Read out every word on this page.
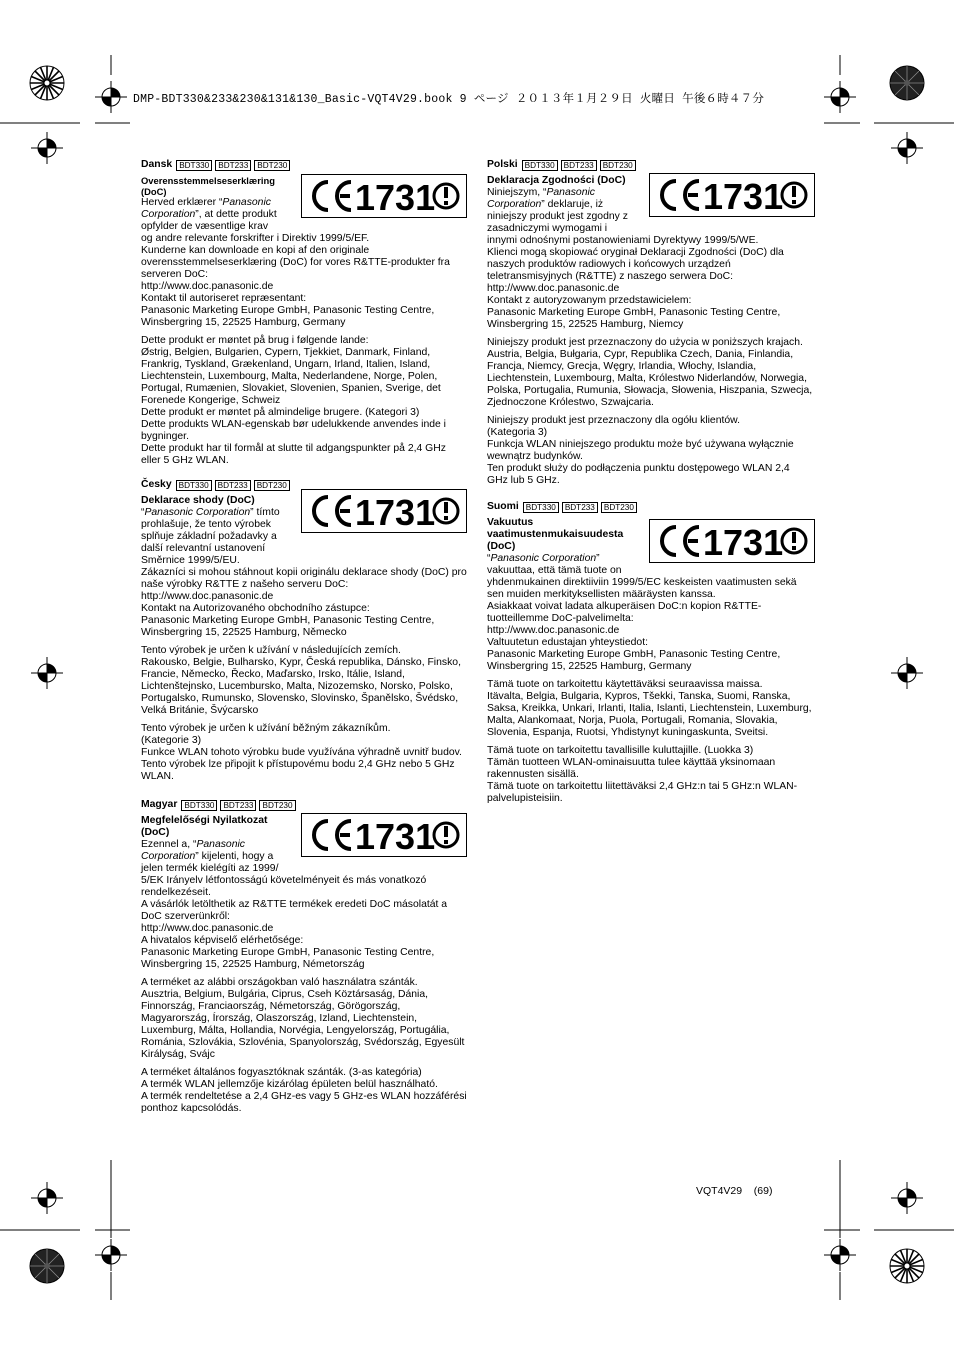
DMP-BDT330&233&230&131&130_Basic-VQT4V29.book 9 ページ ２０１３年１月２９日 火曜日 午後６時４７分
Dansk BDT330	BDT233	BDT230
1731
Overensstemmelseserklæring (DoC)

Herved erklærer “Panasonic Corporation”, at dette produkt opfylder de væsentlige krav

og andre relevante forskrifter i Direktiv 1999/5/EF.
Kunderne kan downloade en kopi af den originale overensstemmelseserklæring (DoC) for vores R&TTE-produkter fra serveren DoC:
http://www.doc.panasonic.de
Kontakt til autoriseret repræsentant:
Panasonic Marketing Europe GmbH, Panasonic Testing Centre, Winsbergring 15, 22525 Hamburg, Germany

Dette produkt er møntet på brug i følgende lande:
Østrig, Belgien, Bulgarien, Cypern, Tjekkiet, Danmark, Finland, Frankrig, Tyskland, Grækenland, Ungarn, Irland, Italien, Island, Liechtenstein, Luxembourg, Malta, Nederlandene, Norge, Polen, Portugal, Rumænien, Slovakiet, Slovenien, Spanien, Sverige, det Forenede Kongerige, Schweiz
Dette produkt er møntet på almindelige brugere. (Kategori 3)
Dette produkts WLAN-egenskab bør udelukkende anvendes inde i bygninger.
Dette produkt har til formål at slutte til adgangspunkter på 2,4 GHz eller 5 GHz WLAN.

Česky BDT330	BDT233	BDT230
1731
Deklarace shody (DoC)

“Panasonic Corporation” tímto prohlašuje, že tento výrobek splňuje základní požadavky a další relevantní ustanovení

Směrnice 1999/5/EU.
Zákazníci si mohou stáhnout kopii originálu deklarace shody (DoC) pro naše výrobky R&TTE z našeho serveru DoC:
http://www.doc.panasonic.de
Kontakt na Autorizovaného obchodního zástupce:
Panasonic Marketing Europe GmbH, Panasonic Testing Centre, Winsbergring 15, 22525 Hamburg, Německo

Tento výrobek je určen k užívání v následujících zemích.
Rakousko, Belgie, Bulharsko, Kypr, Česká republika, Dánsko, Finsko, Francie, Německo, Řecko, Maďarsko, Irsko, Itálie, Island, Lichtenštejnsko, Lucembursko, Malta, Nizozemsko, Norsko, Polsko, Portugalsko, Rumunsko, Slovensko, Slovinsko, Španělsko, Švédsko, Velká Británie, Švýcarsko

Tento výrobek je určen k užívání běžným zákazníkům.
(Kategorie 3)
Funkce WLAN tohoto výrobku bude využívána výhradně uvnitř budov.
Tento výrobek lze připojit k přístupovému bodu 2,4 GHz nebo 5 GHz WLAN.

Magyar BDT330	BDT233	BDT230
1731
Megfelelőségi Nyilatkozat (DoC)

Ezennel a, “Panasonic Corporation” kijelenti, hogy a jelen termék kielégíti az 1999/

5/EK Irányelv létfontosságú követelményeit és más vonatkozó rendelkezéseit.
A vásárlók letölthetik az R&TTE termékek eredeti DoC másolatát a DoC szerverünkről:
http://www.doc.panasonic.de
A hivatalos képviselő elérhetősége:
Panasonic Marketing Europe GmbH, Panasonic Testing Centre, Winsbergring 15, 22525 Hamburg, Németország

A terméket az alábbi országokban való használatra szánták.
Ausztria, Belgium, Bulgária, Ciprus, Cseh Köztársaság, Dánia, Finnország, Franciaország, Németország, Görögország, Magyarország, Írország, Olaszország, Izland, Liechtenstein, Luxemburg, Málta, Hollandia, Norvégia, Lengyelország, Portugália, Románia, Szlovákia, Szlovénia, Spanyolország, Svédország, Egyesült Királyság, Svájc

A terméket általános fogyasztóknak szánták. (3-as kategória)
A termék WLAN jellemzője kizárólag épületen belül használható.
A termék rendeltetése a 2,4 GHz-es vagy 5 GHz-es WLAN hozzáférési ponthoz kapcsolódás.

Polski BDT330	BDT233	BDT230
1731
Deklaracja Zgodności (DoC)

Niniejszym, “Panasonic Corporation” deklaruje, iż niniejszy produkt jest zgodny z zasadniczymi wymogami i

innymi odnośnymi postanowieniami Dyrektywy 1999/5/WE.
Klienci mogą skopiować oryginał Deklaracji Zgodności (DoC) dla naszych produktów radiowych i końcowych urządzeń teletransmisyjnych (R&TTE) z naszego serwera DoC:
http://www.doc.panasonic.de
Kontakt z autoryzowanym przedstawicielem:
Panasonic Marketing Europe GmbH, Panasonic Testing Centre, Winsbergring 15, 22525 Hamburg, Niemcy

Niniejszy produkt jest przeznaczony do użycia w poniższych krajach.
Austria, Belgia, Bułgaria, Cypr, Republika Czech, Dania, Finlandia, Francja, Niemcy, Grecja, Węgry, Irlandia, Włochy, Islandia, Liechtenstein, Luxembourg, Malta, Królestwo Niderlandów, Norwegia, Polska, Portugalia, Rumunia, Słowacja, Słowenia, Hiszpania, Szwecja, Zjednoczone Królestwo, Szwajcaria.

Niniejszy produkt jest przeznaczony dla ogółu klientów.
(Kategoria 3)
Funkcja WLAN niniejszego produktu może być używana wyłącznie wewnątrz budynków.
Ten produkt służy do podłączenia punktu dostępowego WLAN 2,4 GHz lub 5 GHz.

Suomi BDT330	BDT233	BDT230
1731
Vakuutus vaatimustenmukaisuudesta (DoC)

“Panasonic Corporation” vakuuttaa, että tämä tuote on

yhdenmukainen direktiiviin 1999/5/EC keskeisten vaatimusten sekä sen muiden merkityksellisten määräysten kanssa.
Asiakkaat voivat ladata alkuperäisen DoC:n kopion R&TTE-tuotteillemme DoC-palvelimelta:
http://www.doc.panasonic.de
Valtuutetun edustajan yhteystiedot:
Panasonic Marketing Europe GmbH, Panasonic Testing Centre, Winsbergring 15, 22525 Hamburg, Germany

Tämä tuote on tarkoitettu käytettäväksi seuraavissa maissa.
Itävalta, Belgia, Bulgaria, Kypros, Tšekki, Tanska, Suomi, Ranska, Saksa, Kreikka, Unkari, Irlanti, Italia, Islanti, Liechtenstein, Luxemburg, Malta, Alankomaat, Norja, Puola, Portugali, Romania, Slovakia, Slovenia, Espanja, Ruotsi, Yhdistynyt kuningaskunta, Sveitsi.

Tämä tuote on tarkoitettu tavallisille kuluttajille. (Luokka 3)
Tämän tuotteen WLAN-ominaisuutta tulee käyttää yksinomaan rakennusten sisällä.
Tämä tuote on tarkoitettu liitettäväksi 2,4 GHz:n tai 5 GHz:n WLAN-palvelupisteisiin.

VQT4V29 (69)
